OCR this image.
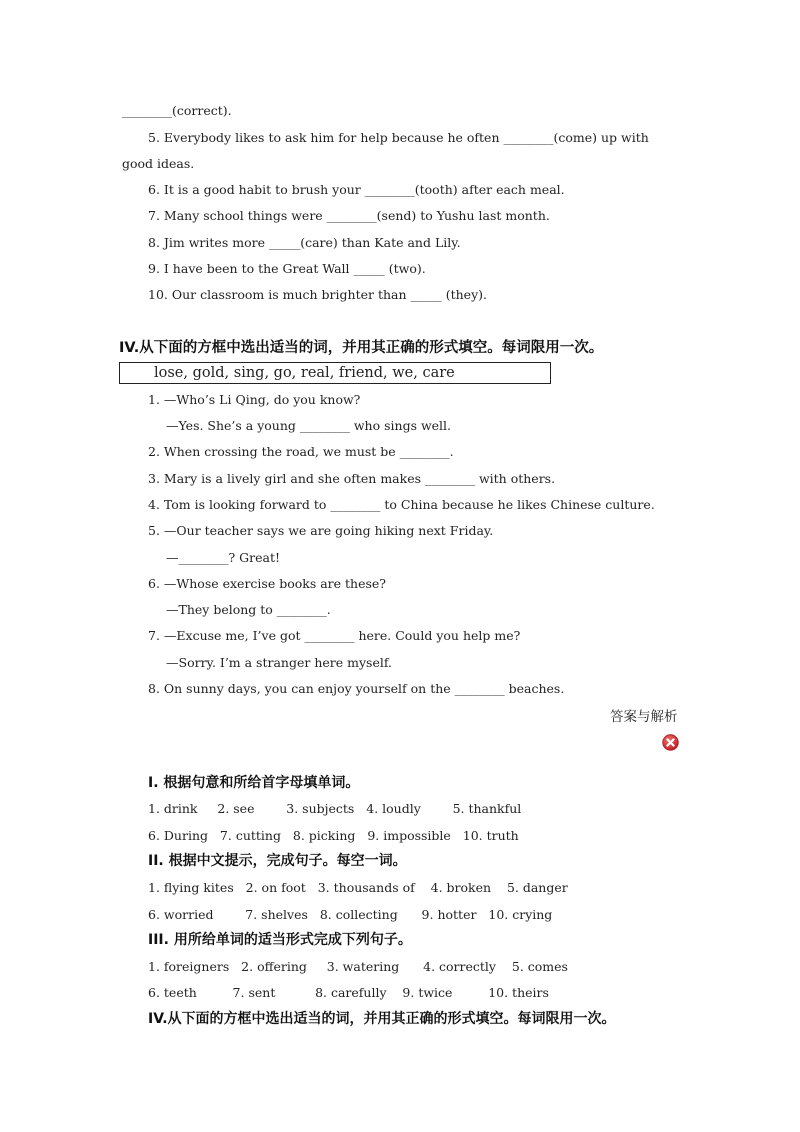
________(correct).
5. Everybody likes to ask him for help because he often ________(come) up with
good ideas.
6. It is a good habit to brush your ________(tooth) after each meal.
7. Many school things were ________(send) to Yushu last month.
8. Jim writes more _____(care) than Kate and Lily.
9. I have been to the Great Wall _____ (two).
10. Our classroom is much brighter than _____ (they).
IV.从下面的方框中选出适当的词，并用其正确的形式填空。每词限用一次。
lose, gold, sing, go, real, friend, we, care
1. —Who’s Li Qing, do you know?
—Yes. She’s a young ________ who sings well.
2. When crossing the road, we must be ________.
3. Mary is a lively girl and she often makes ________ with others.
4. Tom is looking forward to ________ to China because he likes Chinese culture.
5. —Our teacher says we are going hiking next Friday.
—________? Great!
6. —Whose exercise books are these?
—They belong to ________.
7. —Excuse me, I’ve got ________ here. Could you help me?
—Sorry. I’m a stranger here myself.
8. On sunny days, you can enjoy yourself on the ________ beaches.
答案与解析
I. 根据句意和所给首字母填单词。
1. drink     2. see        3. subjects   4. loudly        5. thankful
6. During   7. cutting   8. picking   9. impossible   10. truth
II. 根据中文提示，完成句子。每空一词。
1. flying kites   2. on foot   3. thousands of    4. broken    5. danger
6. worried        7. shelves   8. collecting      9. hotter   10. crying
III. 用所给单词的适当形式完成下列句子。
1. foreigners   2. offering     3. watering      4. correctly    5. comes
6. teeth         7. sent          8. carefully    9. twice         10. theirs
IV.从下面的方框中选出适当的词，并用其正确的形式填空。每词限用一次。
